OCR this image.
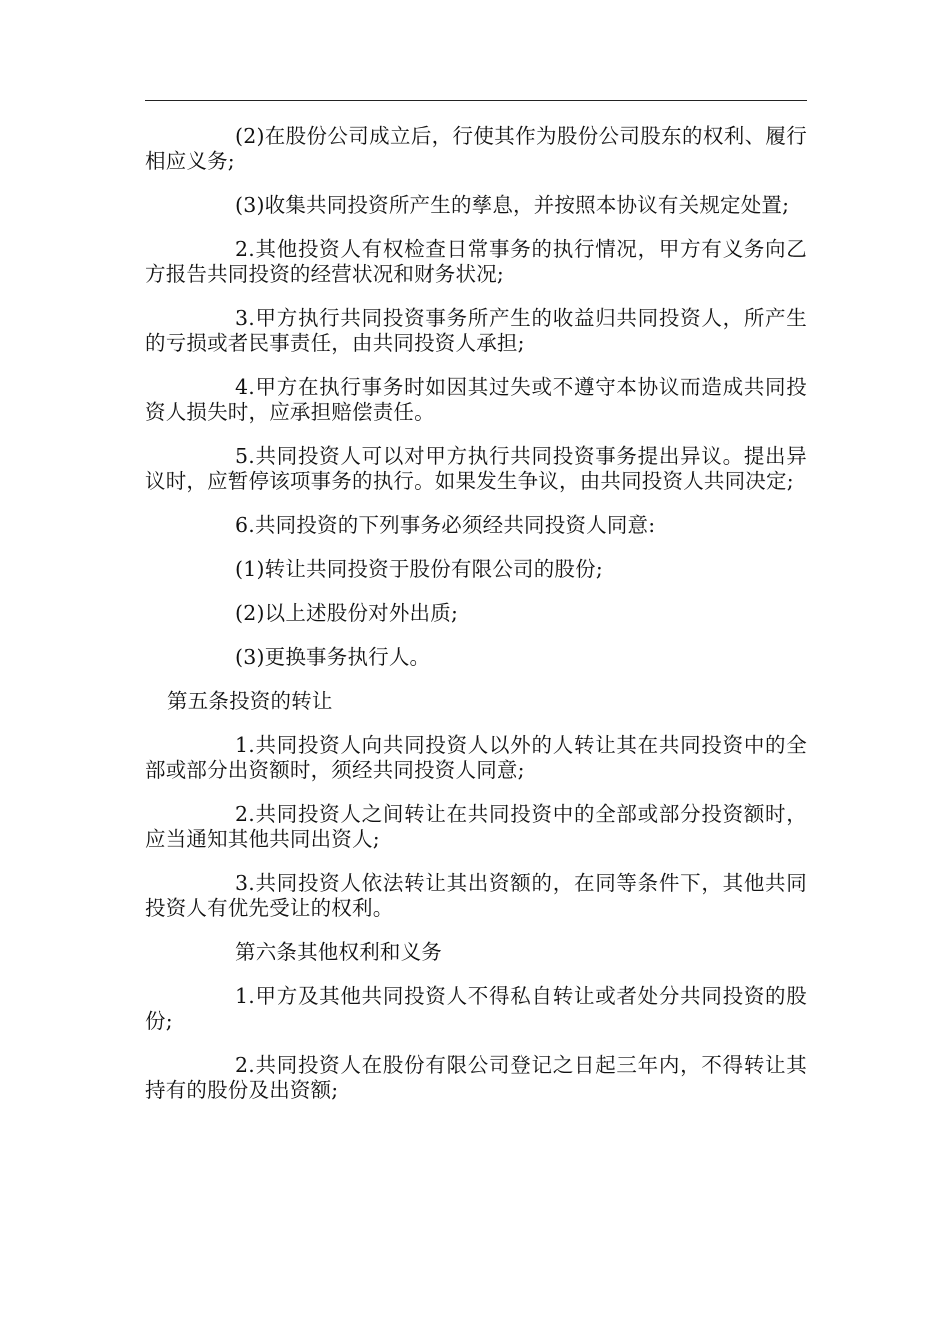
(2)在股份公司成立后，行使其作为股份公司股东的权利、履行相应义务;

(3)收集共同投资所产生的孳息，并按照本协议有关规定处置;

2.其他投资人有权检查日常事务的执行情况，甲方有义务向乙方报告共同投资的经营状况和财务状况;

3.甲方执行共同投资事务所产生的收益归共同投资人，所产生的亏损或者民事责任，由共同投资人承担;

4.甲方在执行事务时如因其过失或不遵守本协议而造成共同投资人损失时，应承担赔偿责任。

5.共同投资人可以对甲方执行共同投资事务提出异议。提出异议时，应暂停该项事务的执行。如果发生争议，由共同投资人共同决定;

6.共同投资的下列事务必须经共同投资人同意:

(1)转让共同投资于股份有限公司的股份;

(2)以上述股份对外出质;

(3)更换事务执行人。

第五条投资的转让

1.共同投资人向共同投资人以外的人转让其在共同投资中的全部或部分出资额时，须经共同投资人同意;

2.共同投资人之间转让在共同投资中的全部或部分投资额时，应当通知其他共同出资人;

3.共同投资人依法转让其出资额的，在同等条件下，其他共同投资人有优先受让的权利。

第六条其他权利和义务

1.甲方及其他共同投资人不得私自转让或者处分共同投资的股份;

2.共同投资人在股份有限公司登记之日起三年内，不得转让其持有的股份及出资额;
